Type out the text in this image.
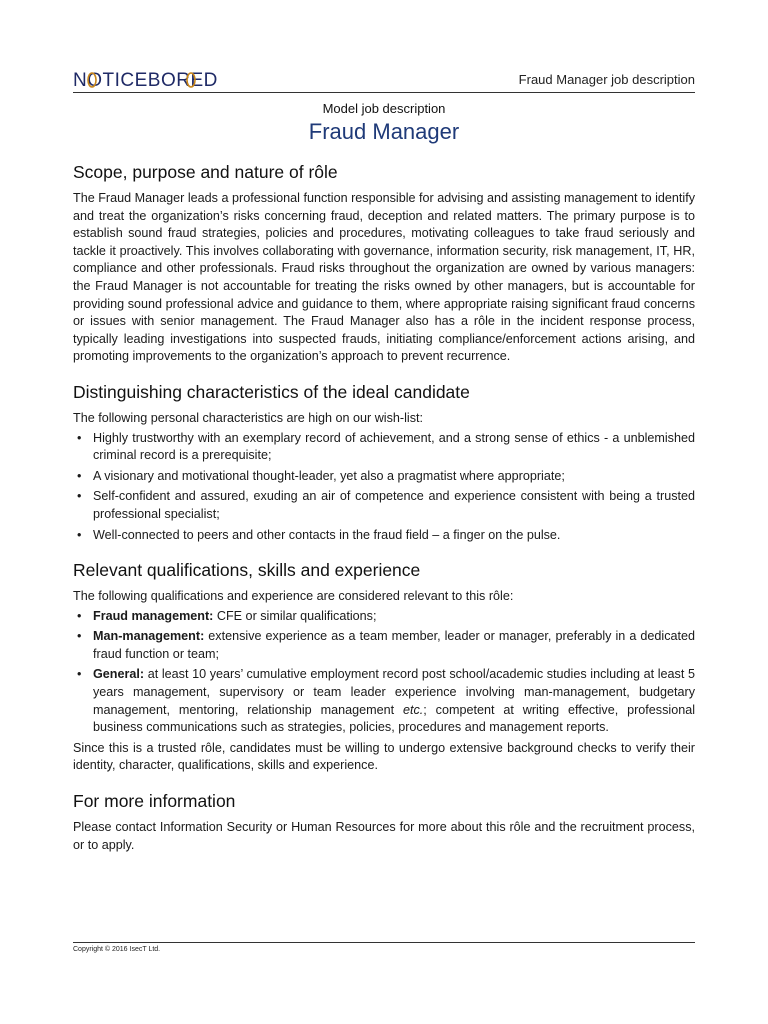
NOTICEBORED	Fraud Manager job description
Model job description
Fraud Manager
Scope, purpose and nature of rôle

The Fraud Manager leads a professional function responsible for advising and assisting management to identify and treat the organization’s risks concerning fraud, deception and related matters. The primary purpose is to establish sound fraud strategies, policies and procedures, motivating colleagues to take fraud seriously and tackle it proactively. This involves collaborating with governance, information security, risk management, IT, HR, compliance and other professionals. Fraud risks throughout the organization are owned by various managers: the Fraud Manager is not accountable for treating the risks owned by other managers, but is accountable for providing sound professional advice and guidance to them, where appropriate raising significant fraud concerns or issues with senior management. The Fraud Manager also has a rôle in the incident response process, typically leading investigations into suspected frauds, initiating compliance/enforcement actions arising, and promoting improvements to the organization’s approach to prevent recurrence.

Distinguishing characteristics of the ideal candidate

The following personal characteristics are high on our wish-list:

• Highly trustworthy with an exemplary record of achievement, and a strong sense of ethics - a unblemished criminal record is a prerequisite;
• A visionary and motivational thought-leader, yet also a pragmatist where appropriate;
• Self-confident and assured, exuding an air of competence and experience consistent with being a trusted professional specialist;
• Well-connected to peers and other contacts in the fraud field – a finger on the pulse.
Relevant qualifications, skills and experience

The following qualifications and experience are considered relevant to this rôle:

• Fraud management: CFE or similar qualifications;
• Man-management: extensive experience as a team member, leader or manager, preferably in a dedicated fraud function or team;
• General: at least 10 years’ cumulative employment record post school/academic studies including at least 5 years management, supervisory or team leader experience involving man-management, budgetary management, mentoring, relationship management etc.; competent at writing effective, professional business communications such as strategies, policies, procedures and management reports.

Since this is a trusted rôle, candidates must be willing to undergo extensive background checks to verify their identity, character, qualifications, skills and experience.

For more information

Please contact Information Security or Human Resources for more about this rôle and the recruitment process, or to apply.

Copyright © 2016 IsecT Ltd.
